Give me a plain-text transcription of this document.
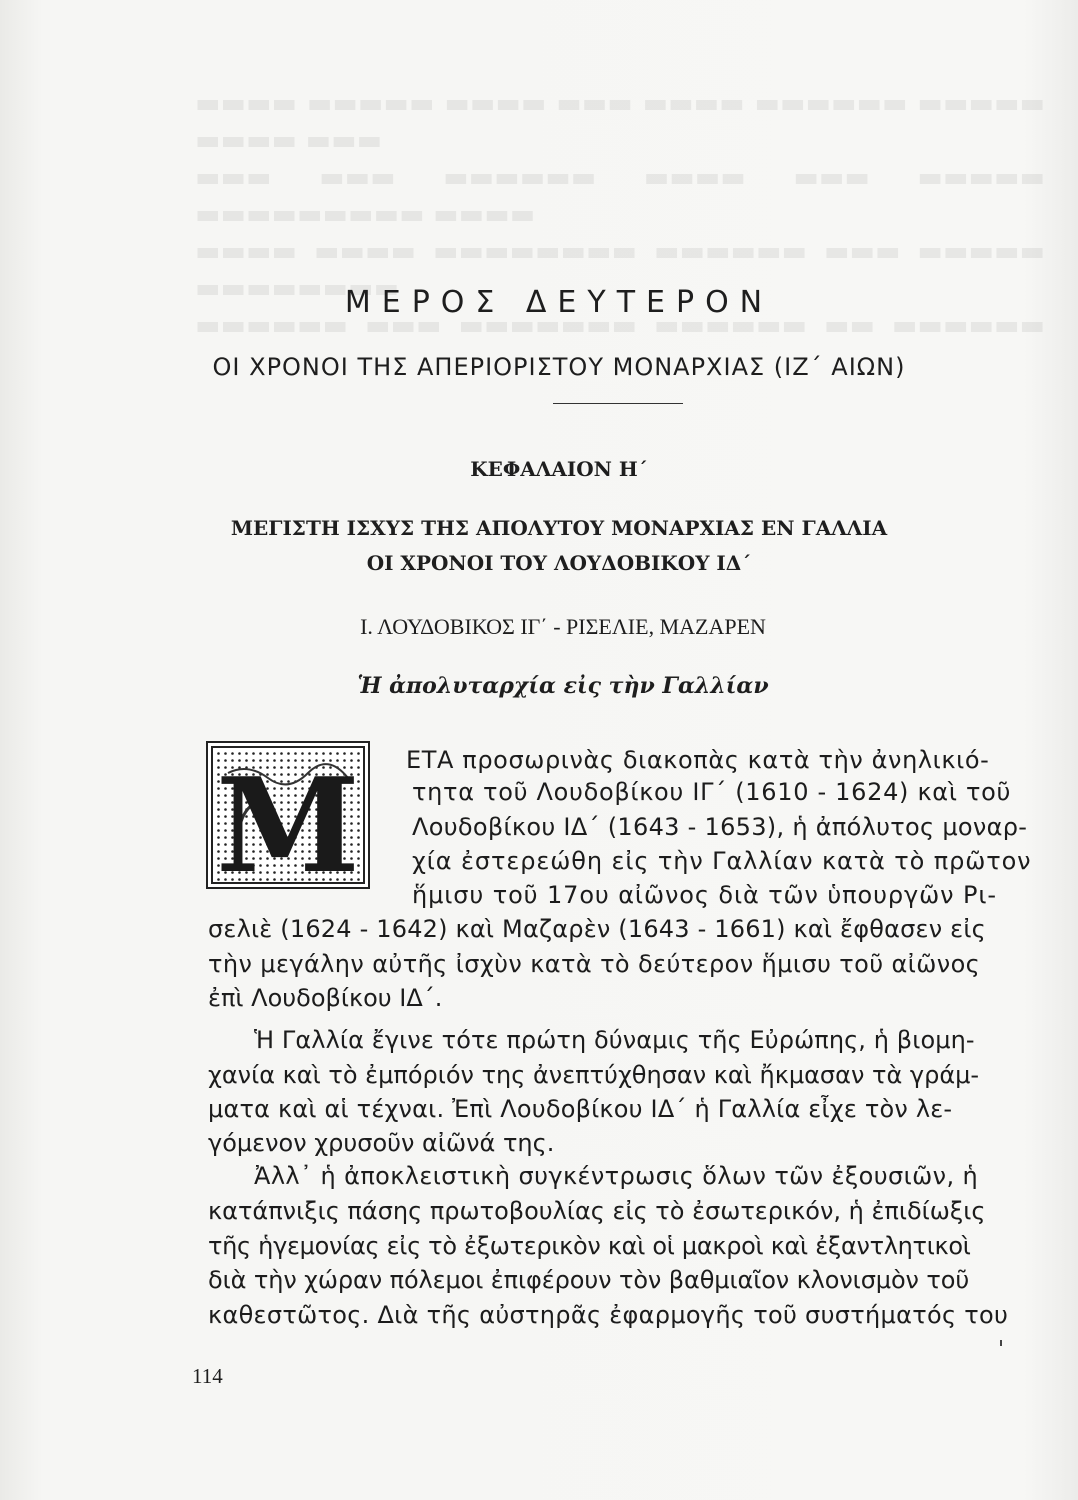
▬▬▬▬ ▬▬▬▬▬ ▬▬▬▬ ▬▬▬ ▬▬▬▬ ▬▬▬▬▬▬ ▬▬▬▬▬ ▬▬▬▬ ▬▬▬
▬▬▬ ▬▬▬ ▬▬▬▬▬▬ ▬▬▬▬ ▬▬▬ ▬▬▬▬▬ ▬▬▬▬▬▬▬▬▬ ▬▬▬▬
▬▬▬▬ ▬▬▬▬ ▬▬▬▬▬▬▬▬ ▬▬▬▬▬▬ ▬▬▬ ▬▬▬▬▬ ▬▬▬▬▬▬▬▬
▬▬▬▬▬▬ ▬▬▬ ▬▬▬▬▬▬▬ ▬▬▬▬▬▬ ▬▬ ▬▬▬▬▬▬

ΜΕΡΟΣ ΔΕΥΤΕΡΟΝ
ΟΙ ΧΡΟΝΟΙ ΤΗΣ ΑΠΕΡΙΟΡΙΣΤΟΥ ΜΟΝΑΡΧΙΑΣ (ΙΖ΄ ΑΙΩΝ)
ΚΕΦΑΛΑΙΟΝ Η΄
ΜΕΓΙΣΤΗ ΙΣΧΥΣ ΤΗΣ ΑΠΟΛΥΤΟΥ ΜΟΝΑΡΧΙΑΣ ΕΝ ΓΑΛΛΙΑ
ΟΙ ΧΡΟΝΟΙ ΤΟΥ ΛΟΥΔΟΒΙΚΟΥ ΙΔ΄
Ι. ΛΟΥΔΟΒΙΚΟΣ ΙΓ΄ - ΡΙΣΕΛΙΕ, ΜΑΖΑΡΕΝ
Ἡ ἀπολυταρχία εἰς τὴν Γαλλίαν
M ΕΤΑ προσωρινὰς διακοπὰς κατὰ τὴν ἀνηλικιό-
τητα τοῦ Λουδοβίκου ΙΓ΄ (1610 - 1624) καὶ τοῦ
Λουδοβίκου ΙΔ΄ (1643 - 1653), ἡ ἀπόλυτος μοναρ-
χία ἐστερεώθη εἰς τὴν Γαλλίαν κατὰ τὸ πρῶτον
ἥμισυ τοῦ 17ου αἰῶνος διὰ τῶν ὑπουργῶν Ρι-
σελιὲ (1624 - 1642) καὶ Μαζαρὲν (1643 - 1661) καὶ ἔφθασεν εἰς
τὴν μεγάλην αὐτῆς ἰσχὺν κατὰ τὸ δεύτερον ἥμισυ τοῦ αἰῶνος
ἐπὶ Λουδοβίκου ΙΔ΄.
Ἡ Γαλλία ἔγινε τότε πρώτη δύναμις τῆς Εὐρώπης, ἡ βιομη-
χανία καὶ τὸ ἐμπόριόν της ἀνεπτύχθησαν καὶ ἤκμασαν τὰ γράμ-
ματα καὶ αἱ τέχναι. Ἐπὶ Λουδοβίκου ΙΔ΄ ἡ Γαλλία εἶχε τὸν λε-
γόμενον χρυσοῦν αἰῶνά της.
Ἀλλ᾽ ἡ ἀποκλειστικὴ συγκέντρωσις ὅλων τῶν ἐξουσιῶν, ἡ
κατάπνιξις πάσης πρωτοβουλίας εἰς τὸ ἐσωτερικόν, ἡ ἐπιδίωξις
τῆς ἡγεμονίας εἰς τὸ ἐξωτερικὸν καὶ οἱ μακροὶ καὶ ἐξαντλητικοὶ
διὰ τὴν χώραν πόλεμοι ἐπιφέρουν τὸν βαθμιαῖον κλονισμὸν τοῦ
καθεστῶτος. Διὰ τῆς αὐστηρᾶς ἐφαρμογῆς τοῦ συστήματός του
114
